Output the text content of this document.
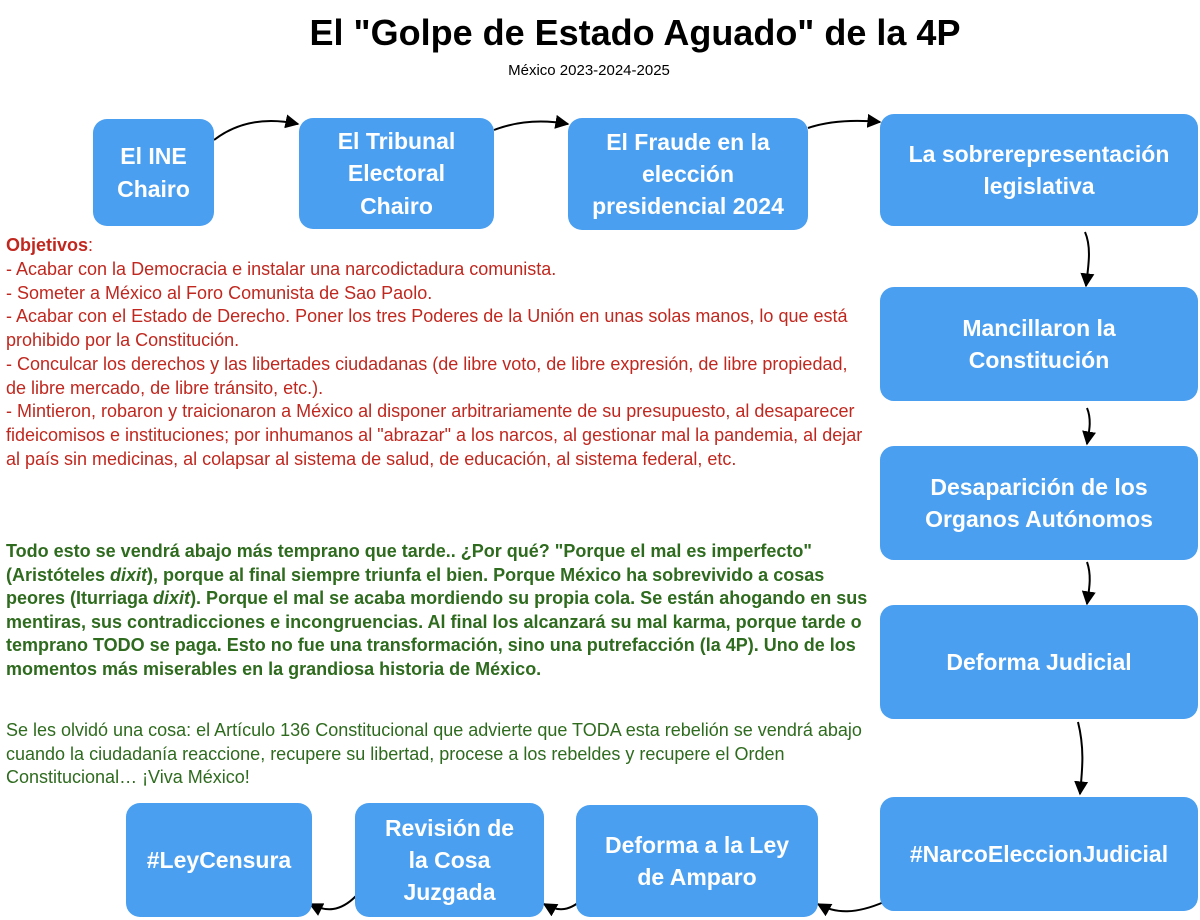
El "Golpe de Estado Aguado" de la 4P
México 2023-2024-2025
El INE
Chairo
El Tribunal
Electoral
Chairo
El Fraude en la
elección
presidencial 2024
La sobrerepresentación
legislativa
Mancillaron la
Constitución
Desaparición de los
Organos Autónomos
Deforma Judicial
#NarcoEleccionJudicial
Deforma a la Ley
de Amparo
Revisión de
la Cosa
Juzgada
#LeyCensura

Objetivos:

- Acabar con la Democracia e instalar una narcodictadura comunista.

- Someter a México al Foro Comunista de Sao Paolo.

- Acabar con el Estado de Derecho. Poner los tres Poderes de la Unión en unas solas manos, lo que está prohibido por la Constitución.

- Conculcar los derechos y las libertades ciudadanas (de libre voto, de libre expresión, de libre propiedad, de libre mercado, de libre tránsito, etc.).

- Mintieron, robaron y traicionaron a México al disponer arbitrariamente de su presupuesto, al desaparecer fideicomisos e instituciones; por inhumanos al "abrazar" a los narcos, al gestionar mal la pandemia, al dejar al país sin medicinas, al colapsar al sistema de salud, de educación, al sistema federal, etc.

Todo esto se vendrá abajo más temprano que tarde.. ¿Por qué? "Porque el mal es imperfecto" (Aristóteles dixit), porque al final siempre triunfa el bien. Porque México ha sobrevivido a cosas peores (Iturriaga dixit). Porque el mal se acaba mordiendo su propia cola. Se están ahogando en sus mentiras, sus contradicciones e incongruencias. Al final los alcanzará su mal karma, porque tarde o temprano TODO se paga. Esto no fue una transformación, sino una putrefacción (la 4P). Uno de los momentos más miserables en la grandiosa historia de México.
Se les olvidó una cosa: el Artículo 136 Constitucional que advierte que TODA esta rebelión se vendrá abajo cuando la ciudadanía reaccione, recupere su libertad, procese a los rebeldes y recupere el Orden Constitucional… ¡Viva México!
